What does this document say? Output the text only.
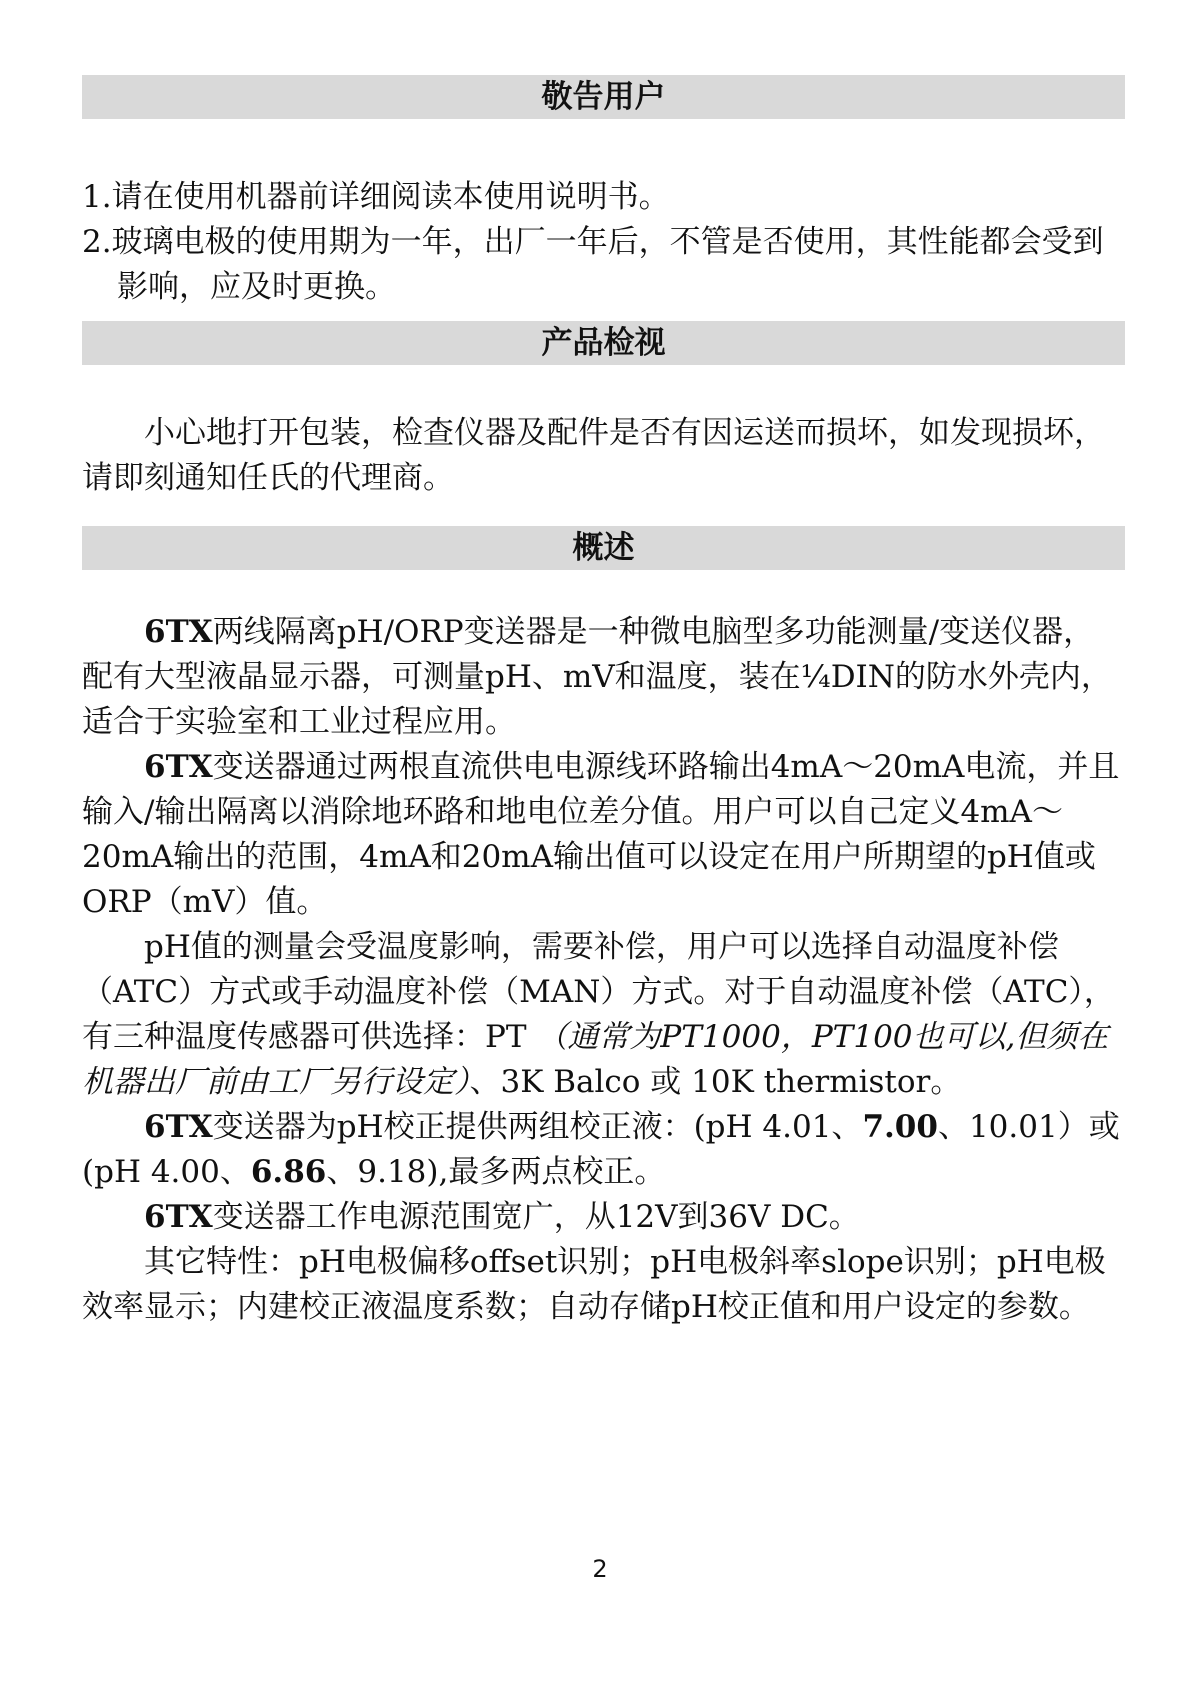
敬告用户

1.请在使用机器前详细阅读本使用说明书。

2.玻璃电极的使用期为一年，出厂一年后，不管是否使用，其性能都会受到影响，应及时更换。

产品检视

小心地打开包装，检查仪器及配件是否有因运送而损坏，如发现损坏，请即刻通知任氏的代理商。

概述

6TX两线隔离pH/ORP变送器是一种微电脑型多功能测量/变送仪器，配有大型液晶显示器，可测量pH、mV和温度，装在¼DIN的防水外壳内，适合于实验室和工业过程应用。

6TX变送器通过两根直流供电电源线环路输出4mA～20mA电流，并且输入/输出隔离以消除地环路和地电位差分值。用户可以自己定义4mA～20mA输出的范围，4mA和20mA输出值可以设定在用户所期望的pH值或ORP（mV）值。

pH值的测量会受温度影响，需要补偿，用户可以选择自动温度补偿（ATC）方式或手动温度补偿（MAN）方式。对于自动温度补偿（ATC），有三种温度传感器可供选择：PT （通常为PT1000，PT100也可以,但须在机器出厂前由工厂另行设定）、3K Balco 或 10K thermistor。

6TX变送器为pH校正提供两组校正液：(pH 4.01、7.00、10.01）或(pH 4.00、6.86、9.18),最多两点校正。

6TX变送器工作电源范围宽广，从12V到36V DC。

其它特性：pH电极偏移offset识别；pH电极斜率slope识别；pH电极效率显示；内建校正液温度系数；自动存储pH校正值和用户设定的参数。

2
